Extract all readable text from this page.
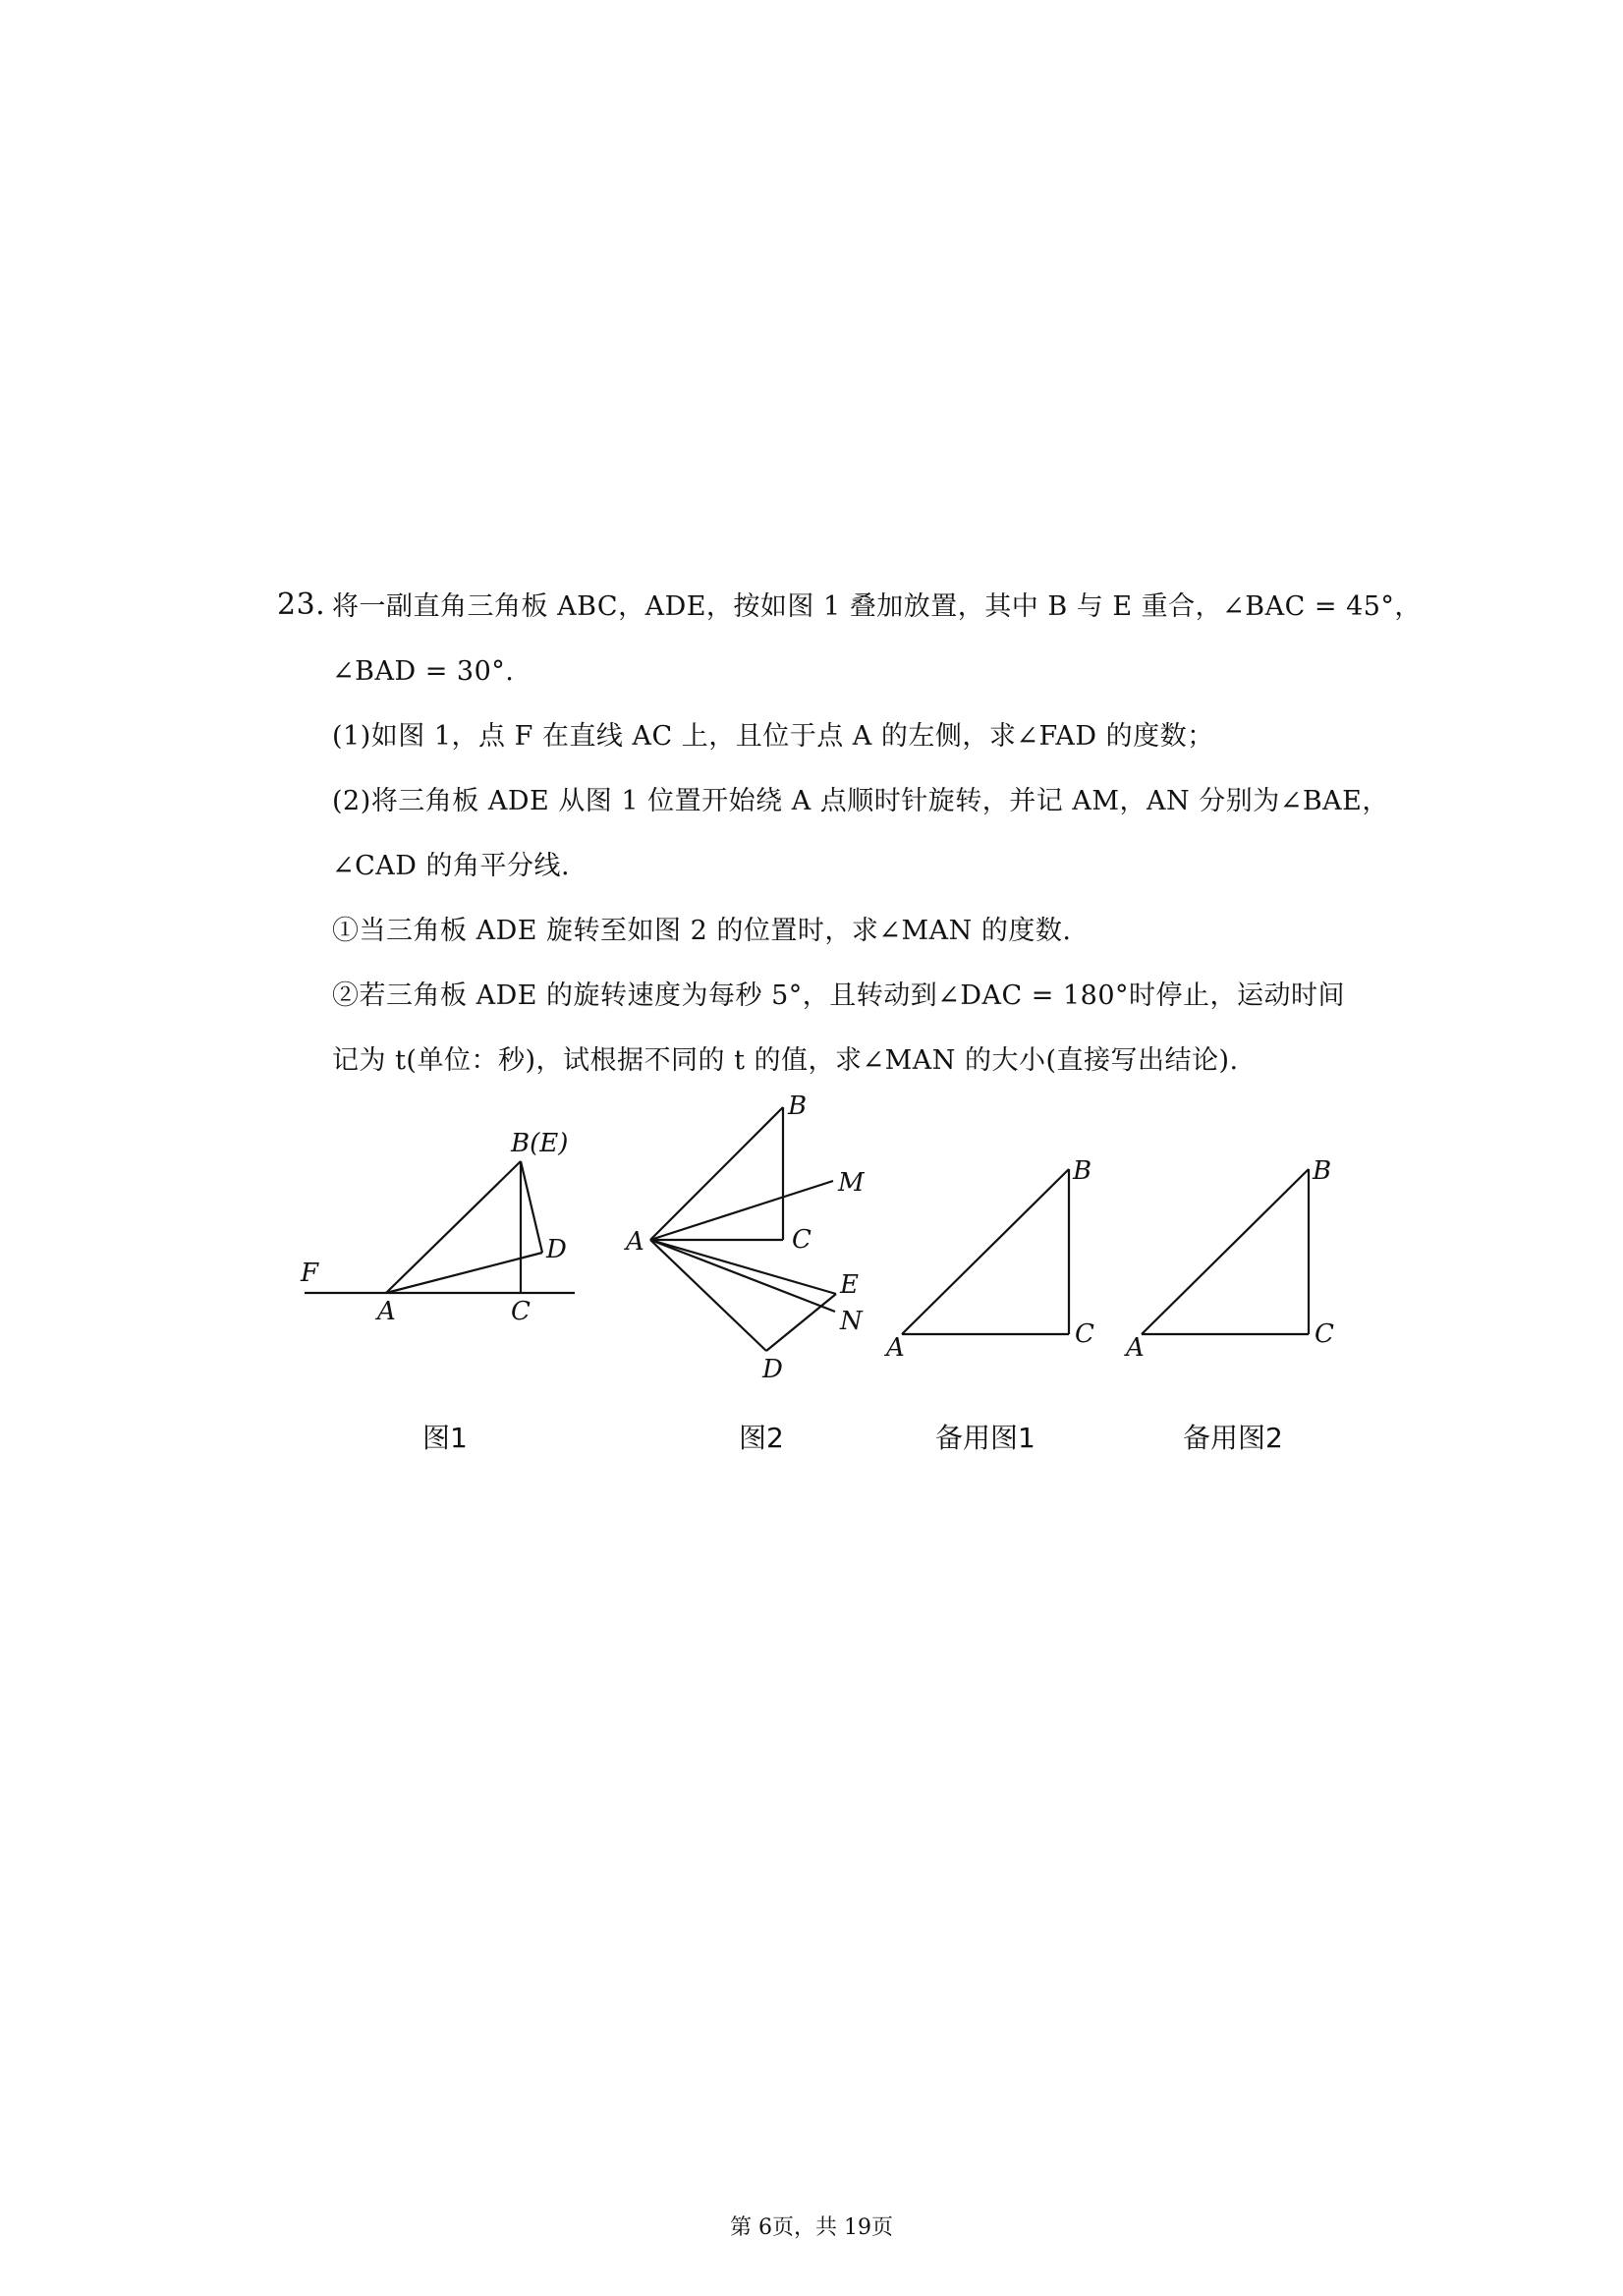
23. 将一副直角三角板 ABC，ADE，按如图 1 叠加放置，其中 B 与 E 重合，∠BAC = 45°，
∠BAD = 30°.
(1)如图 1，点 F 在直线 AC 上，且位于点 A 的左侧，求∠FAD 的度数；
(2)将三角板 ADE 从图 1 位置开始绕 A 点顺时针旋转，并记 AM，AN 分别为∠BAE，
∠CAD 的角平分线.
①当三角板 ADE 旋转至如图 2 的位置时，求∠MAN 的度数.
②若三角板 ADE 的旋转速度为每秒 5°，且转动到∠DAC = 180°时停止，运动时间
记为 t(单位：秒)，试根据不同的 t 的值，求∠MAN 的大小(直接写出结论).
B(E)
D
F
A	C
B
M
A	C
E
N
D
B
A	C
B
A	C
图1	图2	备用图1	备用图2
第 6页，共 19页
